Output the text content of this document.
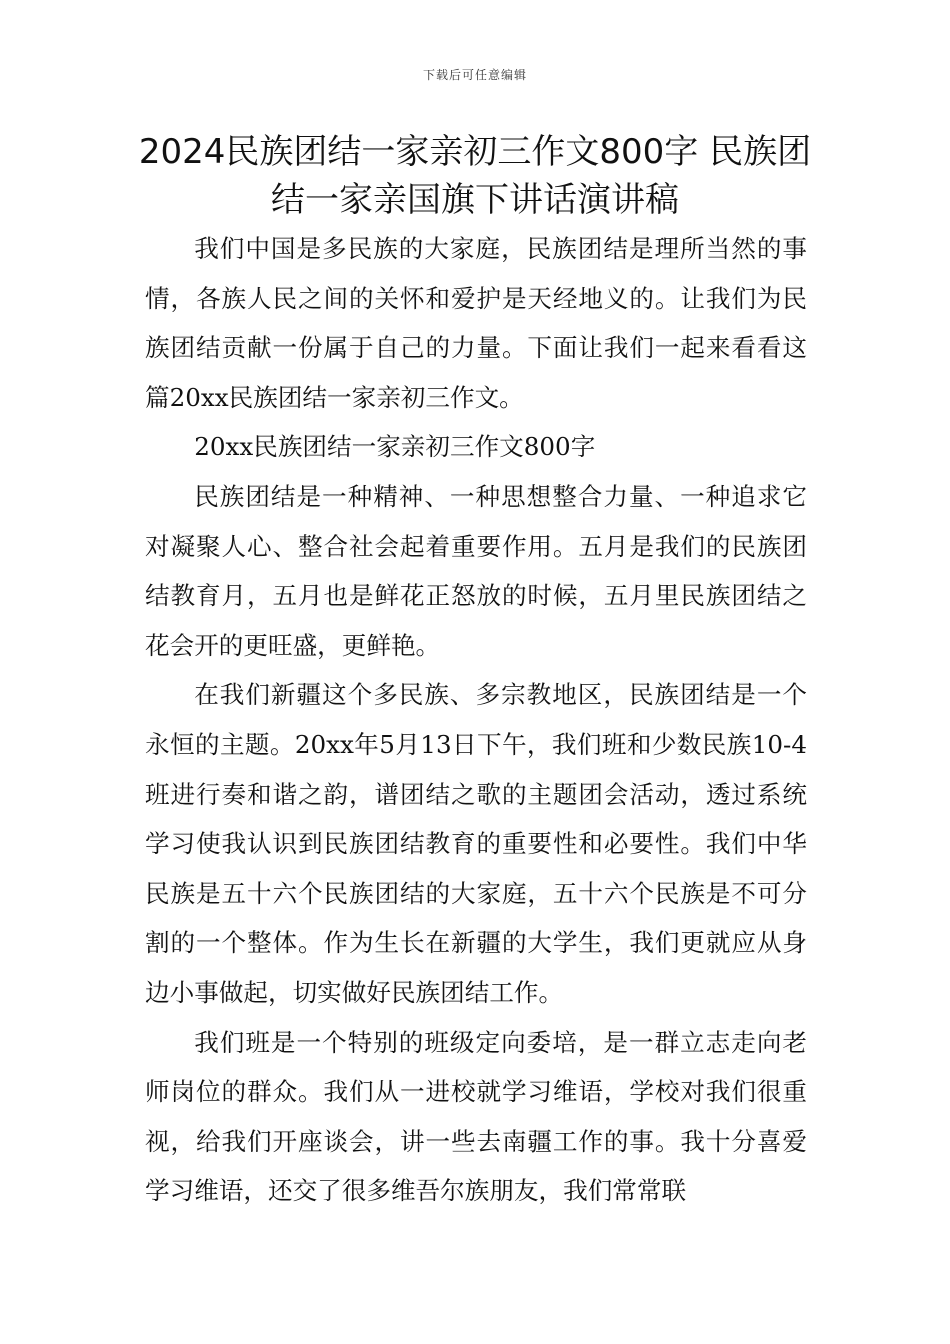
下载后可任意编辑
2024民族团结一家亲初三作文800字 民族团结一家亲国旗下讲话演讲稿

我们中国是多民族的大家庭，民族团结是理所当然的事情，各族人民之间的关怀和爱护是天经地义的。让我们为民族团结贡献一份属于自己的力量。下面让我们一起来看看这篇20xx民族团结一家亲初三作文。

20xx民族团结一家亲初三作文800字

民族团结是一种精神、一种思想整合力量、一种追求它对凝聚人心、整合社会起着重要作用。五月是我们的民族团结教育月，五月也是鲜花正怒放的时候，五月里民族团结之花会开的更旺盛，更鲜艳。

在我们新疆这个多民族、多宗教地区，民族团结是一个永恒的主题。20xx年5月13日下午，我们班和少数民族10-4班进行奏和谐之韵，谱团结之歌的主题团会活动，透过系统学习使我认识到民族团结教育的重要性和必要性。我们中华民族是五十六个民族团结的大家庭，五十六个民族是不可分割的一个整体。作为生长在新疆的大学生，我们更就应从身边小事做起，切实做好民族团结工作。

我们班是一个特别的班级定向委培，是一群立志走向老师岗位的群众。我们从一进校就学习维语，学校对我们很重视，给我们开座谈会，讲一些去南疆工作的事。我十分喜爱学习维语，还交了很多维吾尔族朋友，我们常常联
